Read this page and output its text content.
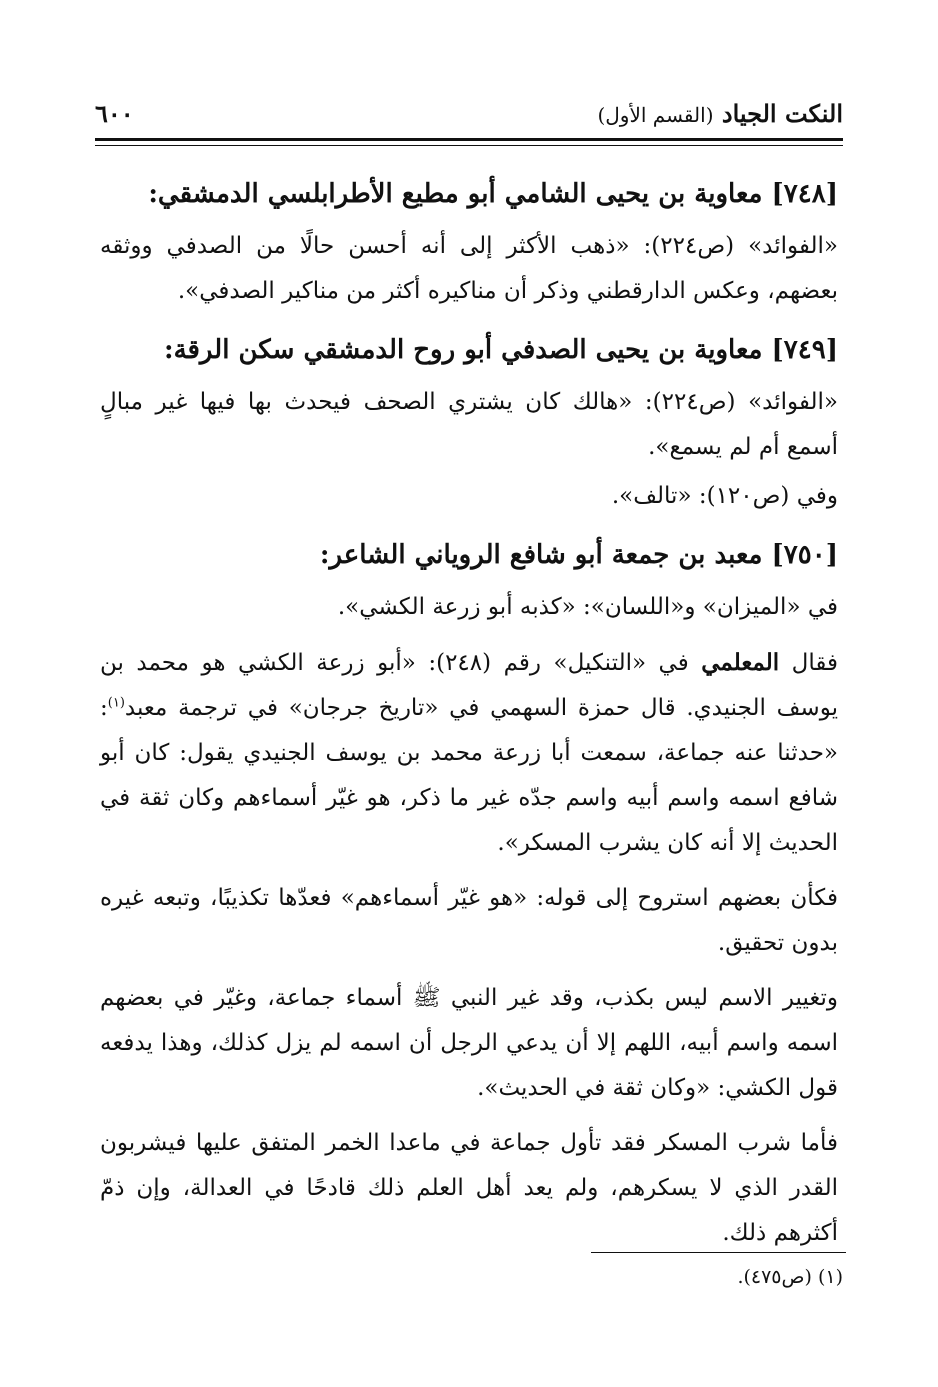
النكت الجياد (القسم الأول)
٦٠٠
[٧٤٨] معاوية بن يحيى الشامي أبو مطيع الأطرابلسي الدمشقي:

«الفوائد» (ص٢٢٤): «ذهب الأكثر إلى أنه أحسن حالًا من الصدفي ووثقه بعضهم، وعكس الدارقطني وذكر أن مناكيره أكثر من مناكير الصدفي».

[٧٤٩] معاوية بن يحيى الصدفي أبو روح الدمشقي سكن الرقة:

«الفوائد» (ص٢٢٤): «هالك كان يشتري الصحف فيحدث بها فيها غير مبالٍ أسمع أم لم يسمع».

وفي (ص١٢٠): «تالف».

[٧٥٠] معبد بن جمعة أبو شافع الروياني الشاعر:

في «الميزان» و«اللسان»: «كذبه أبو زرعة الكشي».

فقال المعلمي في «التنكيل» رقم (٢٤٨): «أبو زرعة الكشي هو محمد بن يوسف الجنيدي. قال حمزة السهمي في «تاريخ جرجان» في ترجمة معبد$^{(١)}$: «حدثنا عنه جماعة، سمعت أبا زرعة محمد بن يوسف الجنيدي يقول: كان أبو شافع اسمه واسم أبيه واسم جدّه غير ما ذكر، هو غيّر أسماءهم وكان ثقة في الحديث إلا أنه كان يشرب المسكر».

فكأن بعضهم استروح إلى قوله: «هو غيّر أسماءهم» فعدّها تكذيبًا، وتبعه غيره بدون تحقيق.

وتغيير الاسم ليس بكذب، وقد غير النبي ﷺ أسماء جماعة، وغيّر في بعضهم اسمه واسم أبيه، اللهم إلا أن يدعي الرجل أن اسمه لم يزل كذلك، وهذا يدفعه قول الكشي: «وكان ثقة في الحديث».

فأما شرب المسكر فقد تأول جماعة في ماعدا الخمر المتفق عليها فيشربون القدر الذي لا يسكرهم، ولم يعد أهل العلم ذلك قادحًا في العدالة، وإن ذمّ أكثرهم ذلك.

(١) (ص٤٧٥).
